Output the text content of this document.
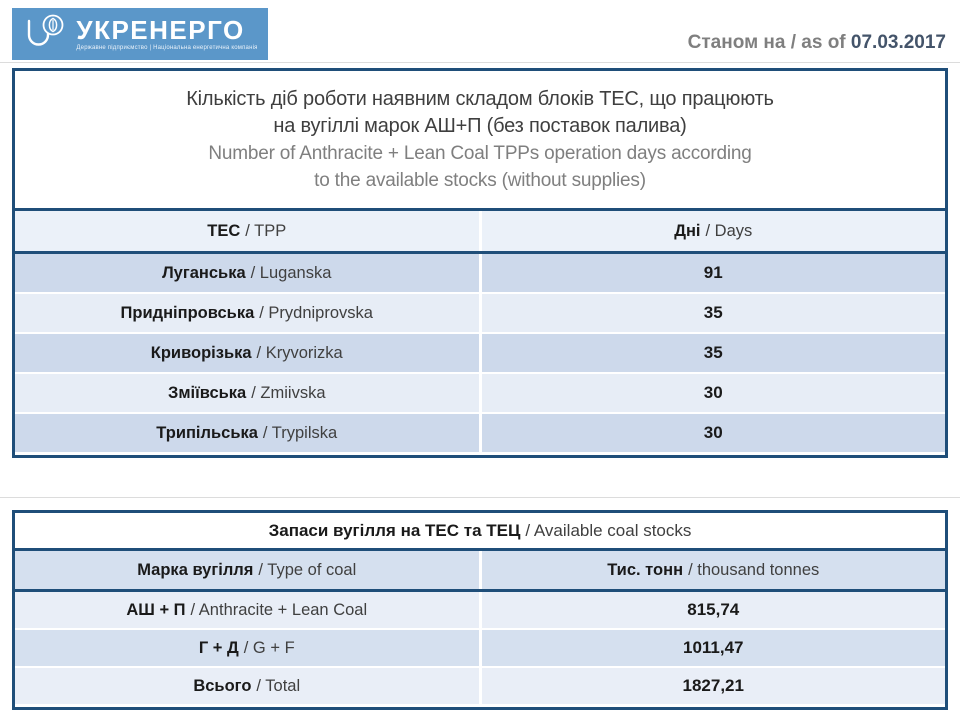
УКРЕНЕРГО
Державне підприємство | Національна енергетична компанія	Станом на / as of 07.03.2017
Кількість діб роботи наявним складом блоків ТЕС, що працюють
на вугіллі марок АШ+П (без поставок палива)
Number of Anthracite + Lean Coal TPPs operation days according
to the available stocks (without supplies)
ТЕС / TPP	Дні / Days
Луганська / Luganska	91
Придніпровська / Prydniprovska	35
Криворізька / Kryvorizka	35
Зміївська / Zmiivska	30
Трипільська / Trypilska	30
Запаси вугілля на ТЕС та ТЕЦ / Available coal stocks
Марка вугілля / Type of coal	Тис. тонн / thousand tonnes
АШ + П / Anthracite + Lean Coal	815,74
Г + Д / G + F	1011,47
Всього / Total	1827,21
